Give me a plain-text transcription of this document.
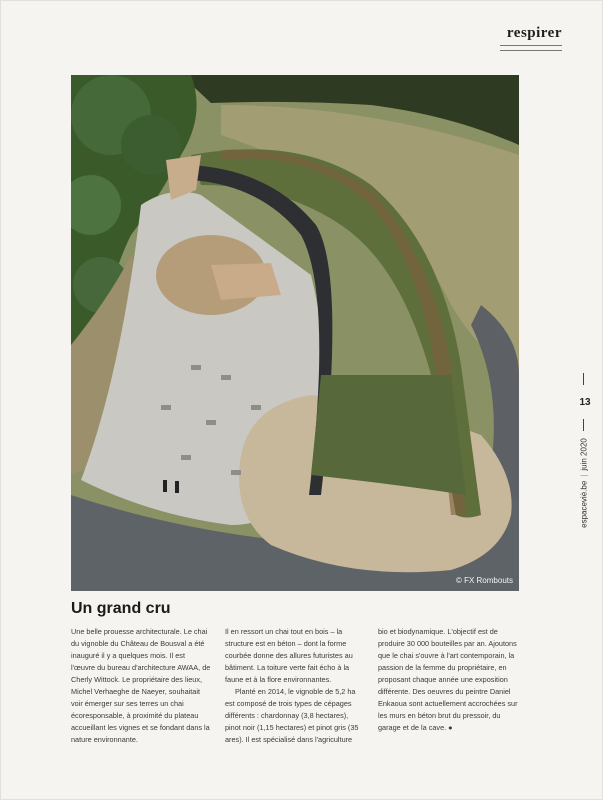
respirer
© FX Rombouts
13
espaceviè.be|juin 2020
Un grand cru

Une belle prouesse architecturale. Le chai du vignoble du Château de Bousval a été inauguré il y a quelques mois. Il est l'œuvre du bureau d'architecture AWAA, de Cherly Wittock. Le propriétaire des lieux, Michel Verhaeghe de Naeyer, souhaitait voir émerger sur ses terres un chai écoresponsable, à proximité du plateau accueillant les vignes et se fondant dans la nature environnante.

Il en ressort un chai tout en bois – la structure est en béton – dont la forme courbée donne des allures futuristes au bâtiment. La toiture verte fait écho à la faune et à la flore environnantes.

Planté en 2014, le vignoble de 5,2 ha est composé de trois types de cépages différents : chardonnay (3,8 hectares), pinot noir (1,15 hectares) et pinot gris (35 ares). Il est spécialisé dans l'agriculture

bio et biodynamique. L'objectif est de produire 30 000 bouteilles par an. Ajoutons que le chai s'ouvre à l'art contemporain, la passion de la femme du propriétaire, en proposant chaque année une exposition différente. Des oeuvres du peintre Daniel Enkaoua sont actuellement accrochées sur les murs en béton brut du pressoir, du garage et de la cave. ●
